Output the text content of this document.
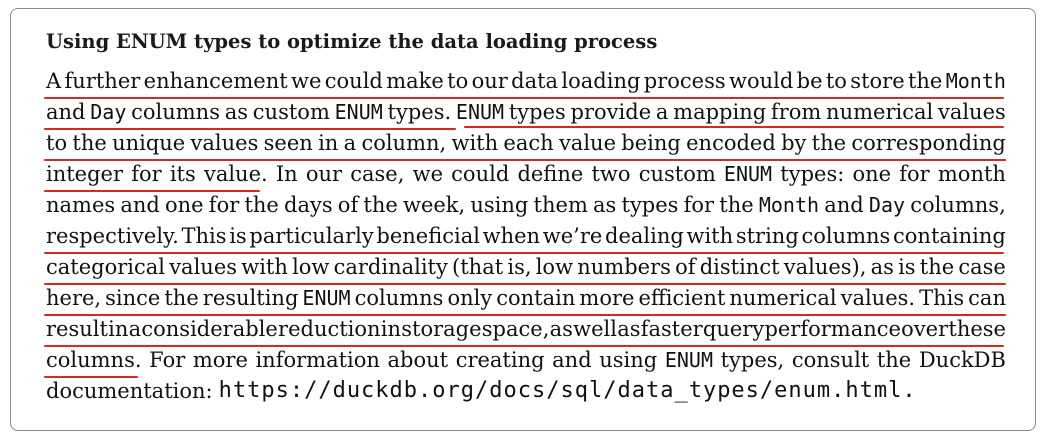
Using ENUM types to optimize the data loading process
A further enhancement we could make to our data loading process would be to store the Month
and Day columns as custom ENUM types. ENUM types provide a mapping from numerical values
to the unique values seen in a column, with each value being encoded by the corresponding
integer for its value. In our case, we could define two custom ENUM types: one for month
names and one for the days of the week, using them as types for the Month and Day columns,
respectively. This is particularly beneficial when we’re dealing with string columns containing
categorical values with low cardinality (that is, low numbers of distinct values), as is the case
here, since the resulting ENUM columns only contain more efficient numerical values. This can
result in a considerable reduction in storage space, as well as faster query performance over these
columns. For more information about creating and using ENUM types, consult the DuckDB
documentation: https://duckdb.org/docs/sql/data_types/enum.html.
